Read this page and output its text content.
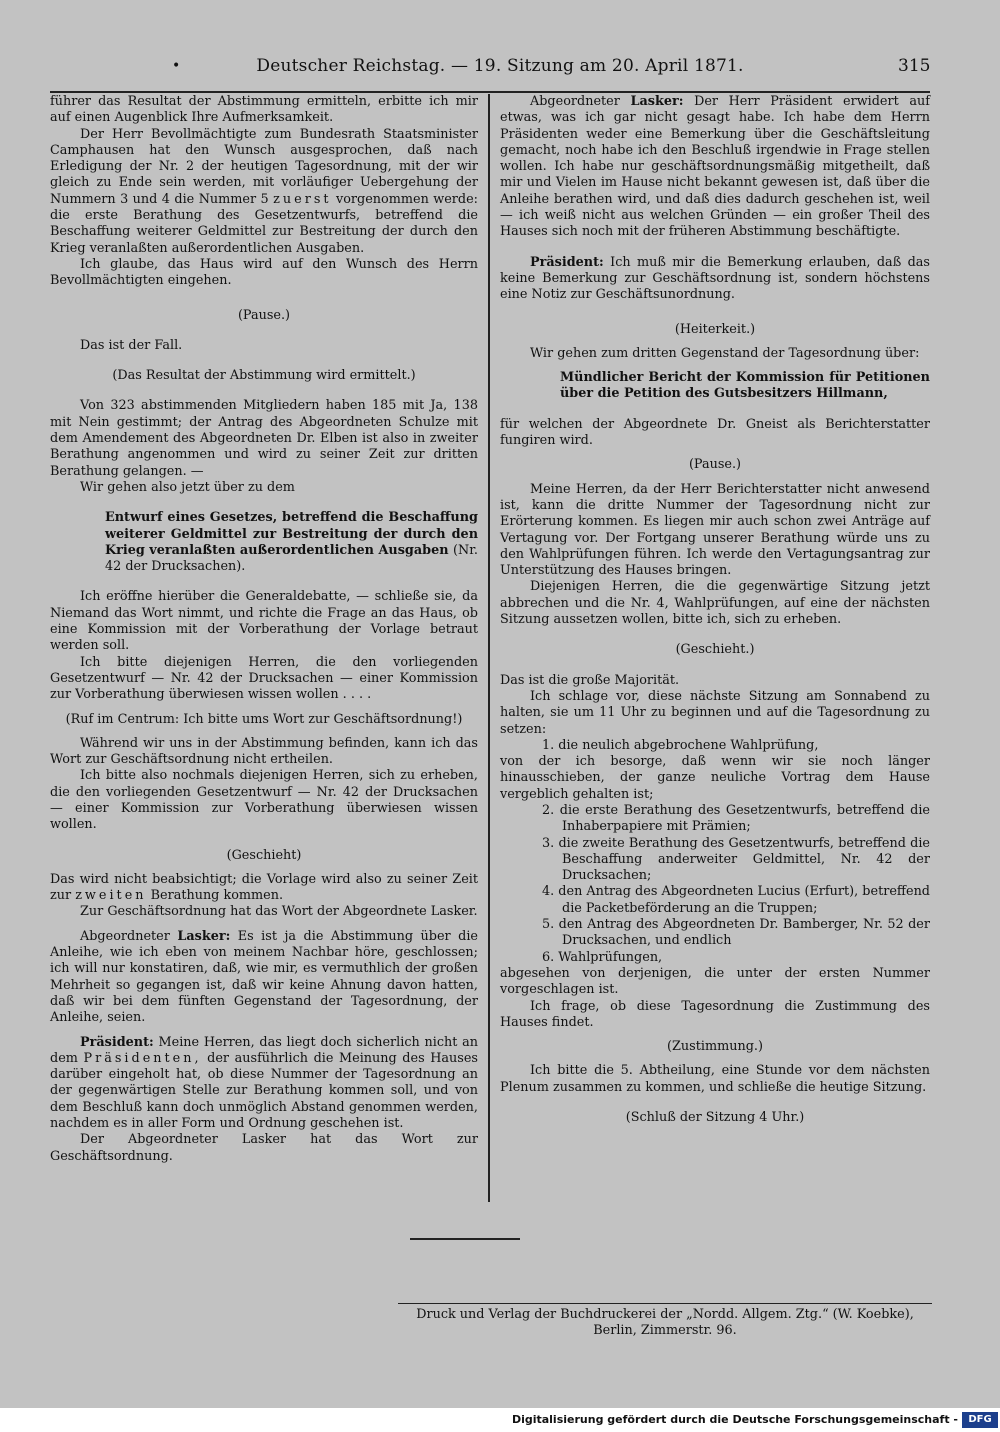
•	Deutscher Reichstag. — 19. Sitzung am 20. April 1871.	315

führer das Resultat der Abstimmung ermitteln, erbitte ich mir auf einen Augenblick Ihre Aufmerksamkeit.

Der Herr Bevollmächtigte zum Bundesrath Staatsminister Camphausen hat den Wunsch ausgesprochen, daß nach Erledigung der Nr. 2 der heutigen Tagesordnung, mit der wir gleich zu Ende sein werden, mit vorläufiger Uebergehung der Nummern 3 und 4 die Nummer 5 zuerst vorgenommen werde: die erste Berathung des Gesetzentwurfs, betreffend die Beschaffung weiterer Geldmittel zur Bestreitung der durch den Krieg veranlaßten außerordentlichen Ausgaben.

Ich glaube, das Haus wird auf den Wunsch des Herrn Bevollmächtigten eingehen.

(Pause.)

Das ist der Fall.

(Das Resultat der Abstimmung wird ermittelt.)

Von 323 abstimmenden Mitgliedern haben 185 mit Ja, 138 mit Nein gestimmt; der Antrag des Abgeordneten Schulze mit dem Amendement des Abgeordneten Dr. Elben ist also in zweiter Berathung angenommen und wird zu seiner Zeit zur dritten Berathung gelangen. —

Wir gehen also jetzt über zu dem

Entwurf eines Gesetzes, betreffend die Beschaffung weiterer Geldmittel zur Bestreitung der durch den Krieg veranlaßten außerordentlichen Ausgaben (Nr. 42 der Drucksachen).

Ich eröffne hierüber die Generaldebatte, — schließe sie, da Niemand das Wort nimmt, und richte die Frage an das Haus, ob eine Kommission mit der Vorberathung der Vorlage betraut werden soll.

Ich bitte diejenigen Herren, die den vorliegenden Gesetzentwurf — Nr. 42 der Drucksachen — einer Kommission zur Vorberathung überwiesen wissen wollen . . . .

(Ruf im Centrum: Ich bitte ums Wort zur Geschäftsordnung!)

Während wir uns in der Abstimmung befinden, kann ich das Wort zur Geschäftsordnung nicht ertheilen.

Ich bitte also nochmals diejenigen Herren, sich zu erheben, die den vorliegenden Gesetzentwurf — Nr. 42 der Drucksachen — einer Kommission zur Vorberathung überwiesen wissen wollen.

(Geschieht)

Das wird nicht beabsichtigt; die Vorlage wird also zu seiner Zeit zur zweiten Berathung kommen.

Zur Geschäftsordnung hat das Wort der Abgeordnete Lasker.

Abgeordneter Lasker: Es ist ja die Abstimmung über die Anleihe, wie ich eben von meinem Nachbar höre, geschlossen; ich will nur konstatiren, daß, wie mir, es vermuthlich der großen Mehrheit so gegangen ist, daß wir keine Ahnung davon hatten, daß wir bei dem fünften Gegenstand der Tagesordnung, der Anleihe, seien.

Präsident: Meine Herren, das liegt doch sicherlich nicht an dem Präsidenten, der ausführlich die Meinung des Hauses darüber eingeholt hat, ob diese Nummer der Tagesordnung an der gegenwärtigen Stelle zur Berathung kommen soll, und von dem Beschluß kann doch unmöglich Abstand genommen werden, nachdem es in aller Form und Ordnung geschehen ist.

Der Abgeordneter Lasker hat das Wort zur Geschäftsordnung.

Abgeordneter Lasker: Der Herr Präsident erwidert auf etwas, was ich gar nicht gesagt habe. Ich habe dem Herrn Präsidenten weder eine Bemerkung über die Geschäftsleitung gemacht, noch habe ich den Beschluß irgendwie in Frage stellen wollen. Ich habe nur geschäftsordnungsmäßig mitgetheilt, daß mir und Vielen im Hause nicht bekannt gewesen ist, daß über die Anleihe berathen wird, und daß dies dadurch geschehen ist, weil — ich weiß nicht aus welchen Gründen — ein großer Theil des Hauses sich noch mit der früheren Abstimmung beschäftigte.

Präsident: Ich muß mir die Bemerkung erlauben, daß das keine Bemerkung zur Geschäftsordnung ist, sondern höchstens eine Notiz zur Geschäftsunordnung.

(Heiterkeit.)

Wir gehen zum dritten Gegenstand der Tagesordnung über:

Mündlicher Bericht der Kommission für Petitionen über die Petition des Gutsbesitzers Hillmann,

für welchen der Abgeordnete Dr. Gneist als Berichterstatter fungiren wird.

(Pause.)

Meine Herren, da der Herr Berichterstatter nicht anwesend ist, kann die dritte Nummer der Tagesordnung nicht zur Erörterung kommen. Es liegen mir auch schon zwei Anträge auf Vertagung vor. Der Fortgang unserer Berathung würde uns zu den Wahlprüfungen führen. Ich werde den Vertagungsantrag zur Unterstützung des Hauses bringen.

Diejenigen Herren, die die gegenwärtige Sitzung jetzt abbrechen und die Nr. 4, Wahlprüfungen, auf eine der nächsten Sitzung aussetzen wollen, bitte ich, sich zu erheben.

(Geschieht.)

Das ist die große Majorität.

Ich schlage vor, diese nächste Sitzung am Sonnabend zu halten, sie um 11 Uhr zu beginnen und auf die Tagesordnung zu setzen:

1. die neulich abgebrochene Wahlprüfung,

von der ich besorge, daß wenn wir sie noch länger hinausschieben, der ganze neuliche Vortrag dem Hause vergeblich gehalten ist;

2. die erste Berathung des Gesetzentwurfs, betreffend die Inhaberpapiere mit Prämien;

3. die zweite Berathung des Gesetzentwurfs, betreffend die Beschaffung anderweiter Geldmittel, Nr. 42 der Drucksachen;

4. den Antrag des Abgeordneten Lucius (Erfurt), betreffend die Packetbeförderung an die Truppen;

5. den Antrag des Abgeordneten Dr. Bamberger, Nr. 52 der Drucksachen, und endlich

6. Wahlprüfungen,

abgesehen von derjenigen, die unter der ersten Nummer vorgeschlagen ist.

Ich frage, ob diese Tagesordnung die Zustimmung des Hauses findet.

(Zustimmung.)

Ich bitte die 5. Abtheilung, eine Stunde vor dem nächsten Plenum zusammen zu kommen, und schließe die heutige Sitzung.

(Schluß der Sitzung 4 Uhr.)

Druck und Verlag der Buchdruckerei der „Nordd. Allgem. Ztg.“ (W. Koebke),
Berlin, Zimmerstr. 96.
Digitalisierung gefördert durch die Deutsche Forschungsgemeinschaft -	DFG
